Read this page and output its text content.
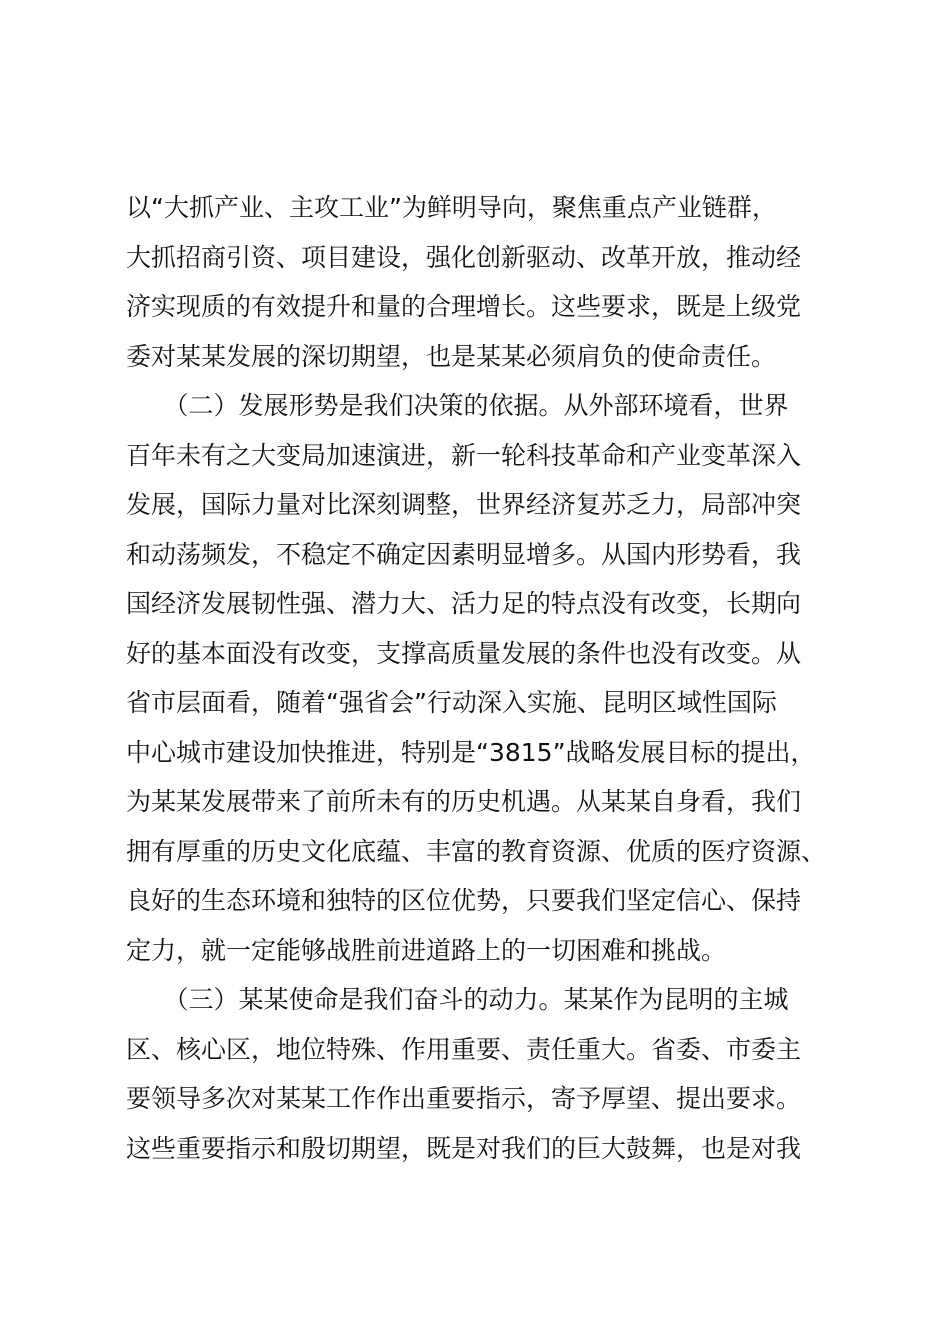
以“大抓产业、主攻工业”为鲜明导向，聚焦重点产业链群，
大抓招商引资、项目建设，强化创新驱动、改革开放，推动经
济实现质的有效提升和量的合理增长。这些要求，既是上级党
委对某某发展的深切期望，也是某某必须肩负的使命责任。
　　（二）发展形势是我们决策的依据。从外部环境看，世界
百年未有之大变局加速演进，新一轮科技革命和产业变革深入
发展，国际力量对比深刻调整，世界经济复苏乏力，局部冲突
和动荡频发，不稳定不确定因素明显增多。从国内形势看，我
国经济发展韧性强、潜力大、活力足的特点没有改变，长期向
好的基本面没有改变，支撑高质量发展的条件也没有改变。从
省市层面看，随着“强省会”行动深入实施、昆明区域性国际
中心城市建设加快推进，特别是“3815”战略发展目标的提出，
为某某发展带来了前所未有的历史机遇。从某某自身看，我们
拥有厚重的历史文化底蕴、丰富的教育资源、优质的医疗资源、
良好的生态环境和独特的区位优势，只要我们坚定信心、保持
定力，就一定能够战胜前进道路上的一切困难和挑战。
　　（三）某某使命是我们奋斗的动力。某某作为昆明的主城
区、核心区，地位特殊、作用重要、责任重大。省委、市委主
要领导多次对某某工作作出重要指示，寄予厚望、提出要求。
这些重要指示和殷切期望，既是对我们的巨大鼓舞，也是对我
